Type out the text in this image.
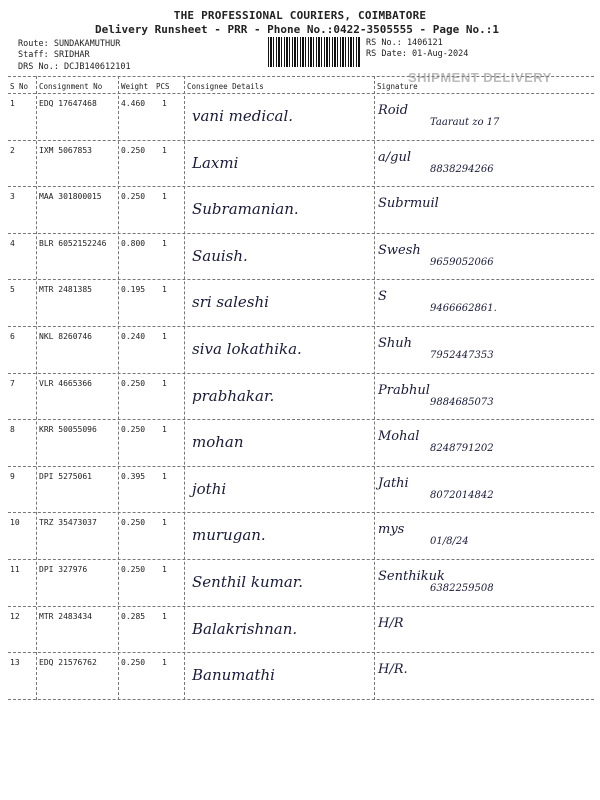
THE PROFESSIONAL COURIERS, COIMBATORE
Delivery Runsheet - PRR - Phone No.:0422-3505555 - Page No.:1
Route: SUNDAKAMUTHUR
Staff: SRIDHAR
DRS No.: DCJB140612101
RS No.: 1406121
RS Date: 01-Aug-2024
SHIPMENT DELIVERY
S No Consignment No	Weight PCS Consignee Details	Signature
1	EDQ 17647468	4.460 1
vani medical.	Roid
Taaraut zo 17
2	IXM 5067853	0.250 1
Laxmi	a/gul
8838294266
3	MAA 301800015 0.250 1
Subramanian.	Subrmuil
4	BLR 6052152246 0.800 1
Sauish.	Swesh
9659052066
5	MTR 2481385	0.195 1
sri saleshi	S
9466662861.
6	NKL 8260746	0.240 1
siva lokathika.	Shuh
7952447353
7	VLR 4665366	0.250 1
prabhakar.	Prabhul
9884685073
8	KRR 50055096	0.250 1
mohan	Mohal
8248791202
9	DPI 5275061	0.395 1
jothi	Jathi
8072014842
10 TRZ 35473037	0.250 1
murugan.	mys
01/8/24
11 DPI 327976	0.250 1
Senthil kumar.	Senthikuk
6382259508
12 MTR 2483434	0.285 1
Balakrishnan.	H/R
13 EDQ 21576762	0.250 1
Banumathi	H/R.
